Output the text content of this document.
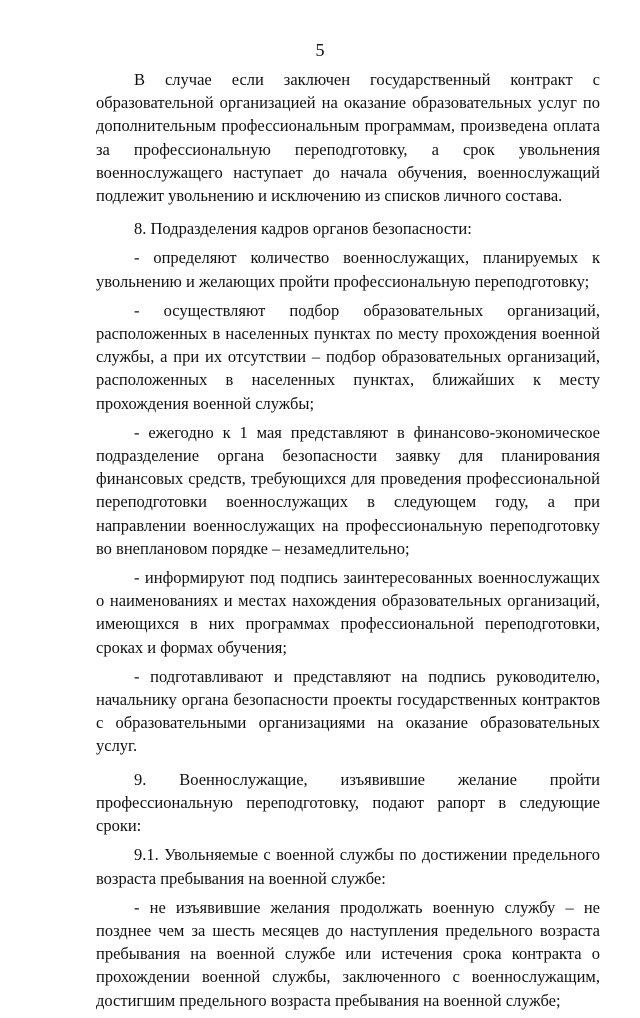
5

В случае если заключен государственный контракт с образовательной организацией на оказание образовательных услуг по дополнительным профессиональным программам, произведена оплата за профессиональную переподготовку, а срок увольнения военнослужащего наступает до начала обучения, военнослужащий подлежит увольнению и исключению из списков личного состава.

8. Подразделения кадров органов безопасности:

- определяют количество военнослужащих, планируемых к увольнению и желающих пройти профессиональную переподготовку;

- осуществляют подбор образовательных организаций, расположенных в населенных пунктах по месту прохождения военной службы, а при их отсутствии – подбор образовательных организаций, расположенных в населенных пунктах, ближайших к месту прохождения военной службы;

- ежегодно к 1 мая представляют в финансово-экономическое подразделение органа безопасности заявку для планирования финансовых средств, требующихся для проведения профессиональной переподготовки военнослужащих в следующем году, а при направлении военнослужащих на профессиональную переподготовку во внеплановом порядке – незамедлительно;

- информируют под подпись заинтересованных военнослужащих о наименованиях и местах нахождения образовательных организаций, имеющихся в них программах профессиональной переподготовки, сроках и формах обучения;

- подготавливают и представляют на подпись руководителю, начальнику органа безопасности проекты государственных контрактов с образовательными организациями на оказание образовательных услуг.

9. Военнослужащие, изъявившие желание пройти профессиональную переподготовку, подают рапорт в следующие сроки:

9.1. Увольняемые с военной службы по достижении предельного возраста пребывания на военной службе:

- не изъявившие желания продолжать военную службу – не позднее чем за шесть месяцев до наступления предельного возраста пребывания на военной службе или истечения срока контракта о прохождении военной службы, заключенного с военнослужащим, достигшим предельного возраста пребывания на военной службе;
